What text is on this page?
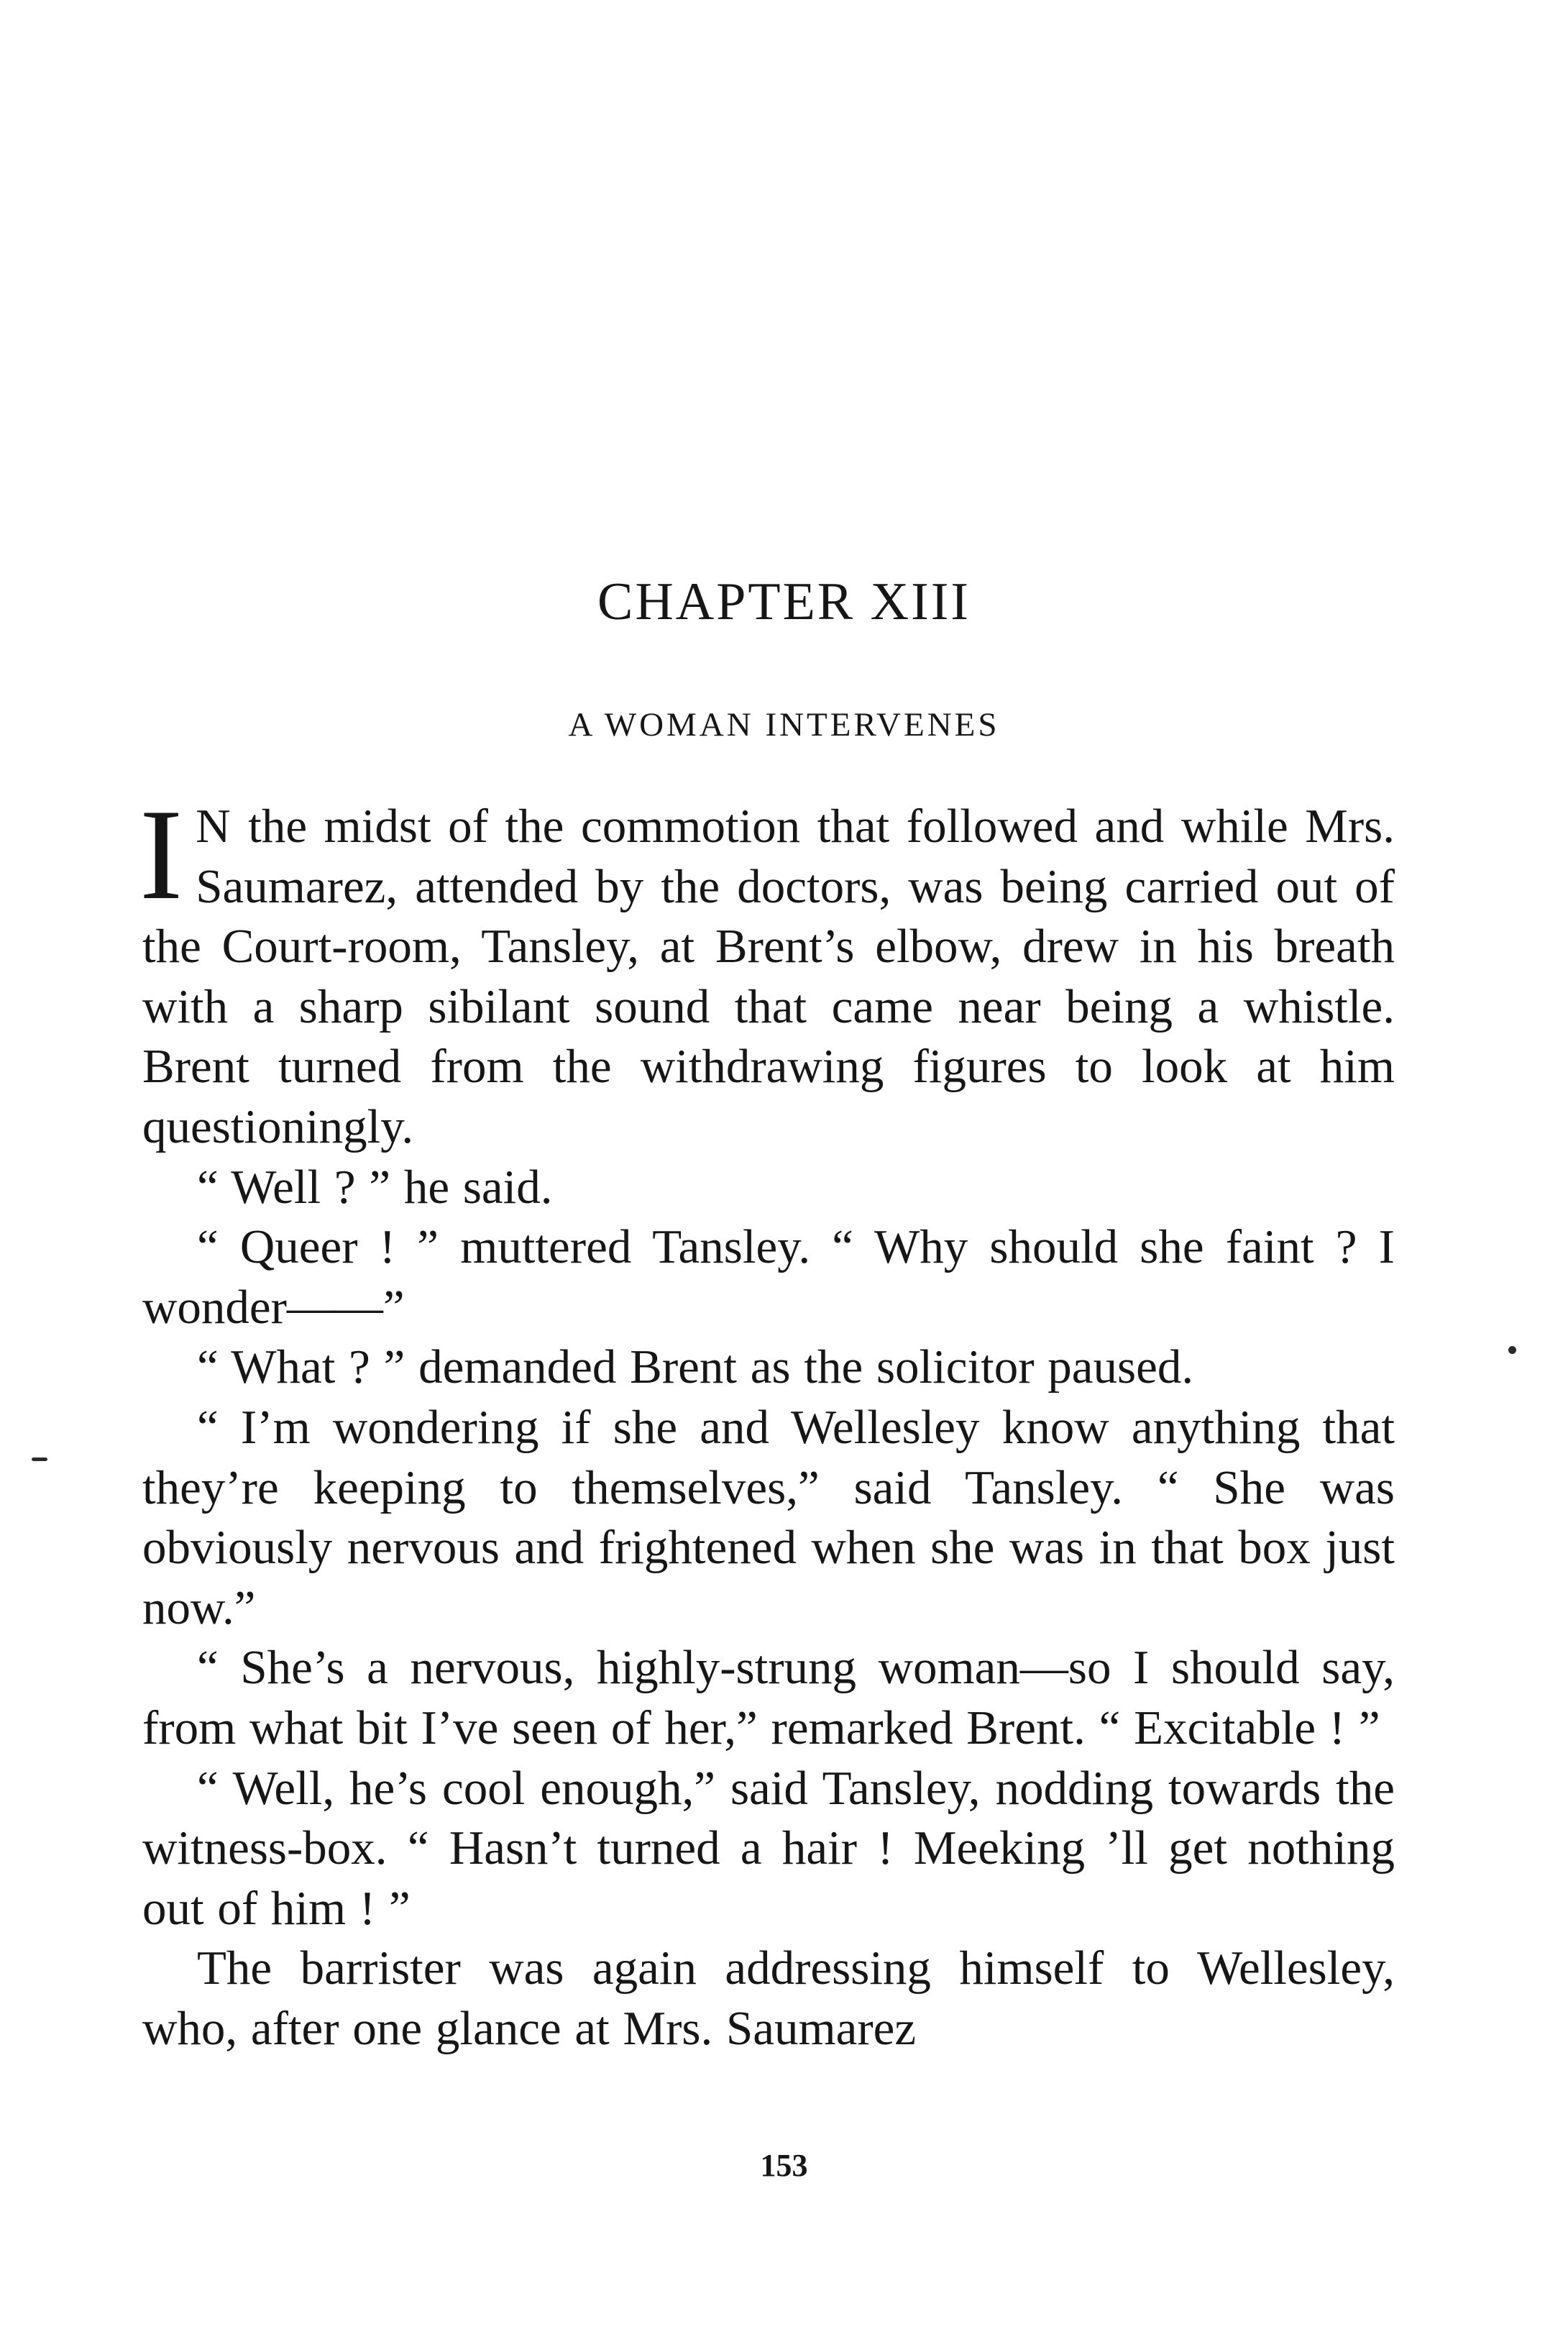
CHAPTER XIII
A WOMAN INTERVENES

I N the midst of the commotion that followed and while Mrs. Saumarez, attended by the doctors, was being carried out of the Court-room, Tansley, at Brent’s elbow, drew in his breath with a sharp sibilant sound that came near being a whistle. Brent turned from the withdrawing figures to look at him questioningly.

“ Well ? ” he said.

“ Queer ! ” muttered Tansley. “ Why should she faint ? I wonder——”

“ What ? ” demanded Brent as the solicitor paused.

“ I’m wondering if she and Wellesley know anything that they’re keeping to themselves,” said Tansley. “ She was obviously nervous and frightened when she was in that box just now.”

“ She’s a nervous, highly-strung woman—so I should say, from what bit I’ve seen of her,” remarked Brent. “ Excitable ! ”

“ Well, he’s cool enough,” said Tansley, nodding towards the witness-box. “ Hasn’t turned a hair ! Meeking ’ll get nothing out of him ! ”

The barrister was again addressing himself to Wellesley, who, after one glance at Mrs. Saumarez

153
